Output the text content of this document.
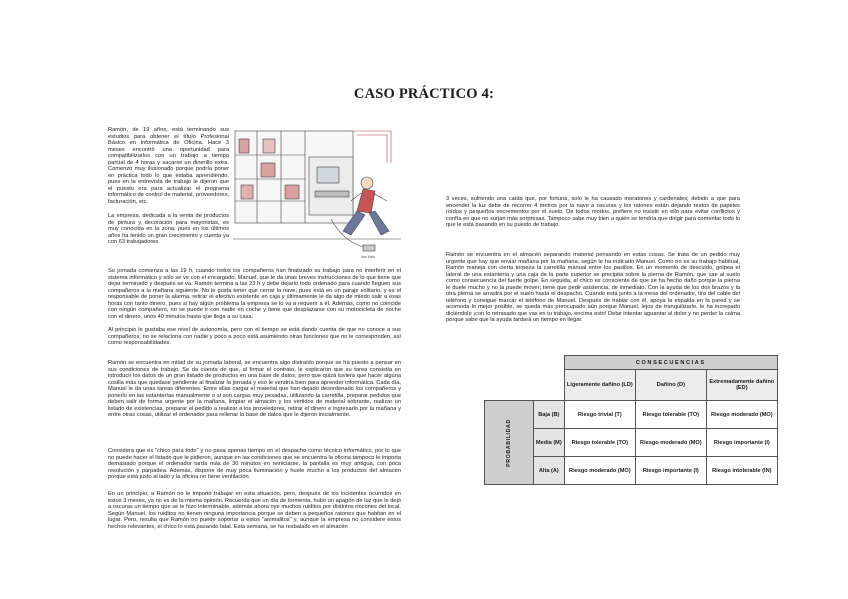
CASO PRÁCTICO 4:

Ramón, de 19 años, está terminando sus estudios para obtener el título Profesional Básico en Informática de Oficina. Hace 3 meses encontró una oportunidad para compatibilizarlos con un trabajo a tiempo parcial de 4 horas y sacarse un dinerillo extra. Comenzó muy ilusionado porque podría poner en práctica todo lo que estaba aprendiendo, pues en la entrevista de trabajo le dijeron que el puesto era para actualizar el programa informático de control de material, proveedores, facturación, etc.

La empresa, dedicada a la venta de productos de pintura y decoración para mayoristas, es muy conocida en la zona, pues en los últimos años ha tenido un gran crecimiento y cuenta ya con 63 trabajadores.

Ivan Mato

Su jornada comienza a las 19 h, cuando todos los compañeros han finalizado su trabajo para no interferir en el sistema informático y sólo se ve con el encargado, Manuel, que le da unas breves instrucciones de lo que tiene que dejar terminado y después se va. Ramón termina a las 23 h y debe dejarlo todo ordenado para cuando lleguen sus compañeros a la mañana siguiente. No le gusta tener que cerrar la nave, pues está en un paraje solitario, y es el responsable de poner la alarma, retirar el efectivo existente en caja y últimamente le da algo de miedo salir a esas horas con tanto dinero, pues si hay algún problema la empresa se lo va a requerir a él. Además, como no coincide con ningún compañero, no se puede ir con nadie en coche y tiene que desplazarse con su motocicleta de noche con el dinero, unos 40 minutos hasta que llega a su casa.

Al principio le gustaba ese nivel de autonomía, pero con el tiempo se está dando cuenta de que no conoce a sus compañeros, no se relaciona con nadie y poco a poco está asumiendo otras funciones que no le corresponden, así como responsabilidades.

Ramón se encuentra en mitad de su jornada laboral, se encuentra algo distraído porque se ha puesto a pensar en sus condiciones de trabajo. Se da cuenta de que, al firmar el contrato, le explicaron que su tarea consistía en introducir los datos de un gran listado de productos en una base de datos, pero que quizá tuviera que hacer alguna cosilla más que quedase pendiente al finalizar la jornada y eso le vendría bien para aprender informática. Cada día, Manuel le da unas tareas diferentes. Entre ellas cargar el material que han dejado desordenado los compañeros y ponerlo en las estanterías manualmente o si son cargas muy pesadas, utilizando la carretilla, preparar pedidos que deben salir de forma urgente por la mañana, limpiar el almacén y los vertidos de material sobrante, realizar un listado de existencias, preparar el pedido a realizar a los proveedores, retirar el dinero e ingresarlo por la mañana y entre otras cosas, utilizar el ordenador para rellenar la base de datos que le dijeron inicialmente.

Considera que es "chico para todo" y no pasa apenas tiempo en el despacho como técnico informático, por lo que no puede hacer el listado que le pidieron, aunque en las condiciones que se encuentra la oficina tampoco le importa demasiado porque el ordenador tarda más de 30 minutos en reiniciarse, la pantalla es muy antigua, con poca resolución y parpadea. Además, dispone de muy poca iluminación y huele mucho a los productos del almacén porque está justo al lado y la oficina no tiene ventilación.

En un principio, a Ramón no le importó trabajar en esta situación, pero, después de los incidentes ocurridos en estos 3 meses, ya no es de la misma opinión. Recuerda que un día de tormenta, hubo un apagón de luz que le dejó a oscuras un tiempo que se le hizo interminable, además ahora oye muchos ruiditos por distintos rincones del local. Según Manuel, los ruiditos no tienen ninguna importancia porque se deben a pequeños ratones que habitan en el lugar. Pero, resulta que Ramón no puede soportar a estos "animalitos" y, aunque la empresa no considere estos hechos relevantes, el chico lo está pasando fatal. Esta semana, se ha resbalado en el almacén

3 veces, sufriendo una caída que, por fortuna, solo le ha causado moratones y cardenales; debido a que para encender la luz debe de recorrer 4 metros por la nave a oscuras y los ratones están dejando restos de papeles roídos y pequeños excrementos por el suelo. De todos modos, prefiere no insistir en ello para evitar conflictos y confía en que no surjan más sorpresas. Tampoco sabe muy bien a quién se tendría que dirigir para comentar todo lo que le está pasando en su puesto de trabajo.

Ramón se encuentra en el almacén separando material pensando en estas cosas. Se trata de un pedido muy urgente que hay que enviar mañana por la mañana, según le ha indicado Manuel. Como no es su trabajo habitual, Ramón maneja con cierta torpeza la carretilla manual entre los pasillos. En un momento de descuido, golpea el lateral de una estantería y una caja de la parte superior se precipita sobre la pierna de Ramón, que cae al suelo como consecuencia del fuerte golpe. En seguida, el chico es consciente de que se ha hecho daño porque la pierna le duele mucho y no la puede mover; tiene que pedir asistencia, de inmediato. Con la ayuda de los dos brazos y la otra pierna se arrastra por el suelo hasta el despacho. Cuando está junto a la mesa del ordenador, tira del cable del teléfono y consigue marcar el teléfono de Manuel. Después de hablar con él, apoya la espalda en la pared y se acomoda lo mejor posible, se queda más preocupado aún porque Manuel, lejos de tranquilizarle, le ha increpado diciéndole ¡con lo retrasado que vas en tu trabajo, encima esto! Debe intentar aguantar el dolor y no perder la calma porque sabe que la ayuda tardará un tiempo en llegar.

		CONSECUENCIAS		
		Ligeramente dañino (LD)	Dañino (D)	Extremadamente dañino (ED)
PROBABILIDAD	Baja (B)	Riesgo trivial (T)	Riesgo tolerable (TO)	Riesgo moderado (MO)
	Media (M)	Riesgo tolerable (TO)	Riesgo moderado (MO)	Riesgo importante (I)
	Alta (A)	Riesgo moderado (MO)	Riesgo importante (I)	Riesgo intolerable (IN)
